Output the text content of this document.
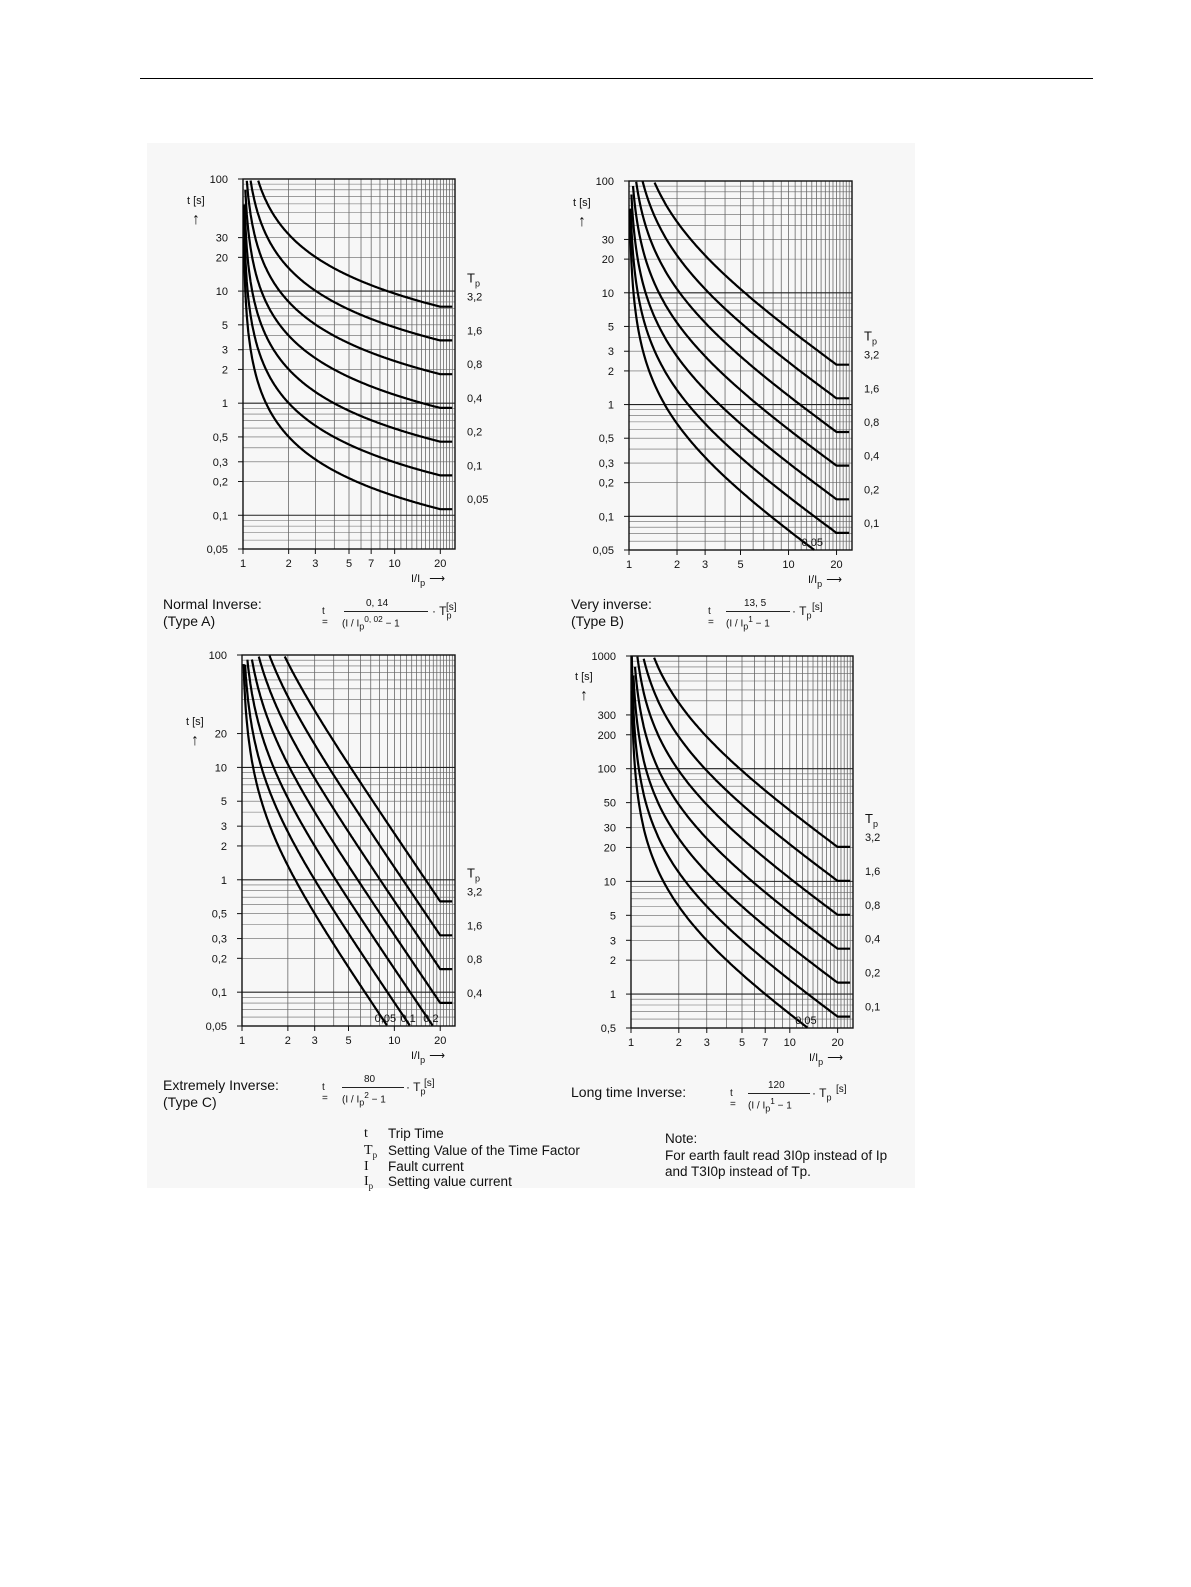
100
30
20
10
5
3
2
1
0,5
0,3
0,2
0,1
0,05
1	2 3	5 7 10	20
t [s]
↑
$I/I_p$ ⟶
3,2
1,6
0,8
0,4
0,2
0,1
0,05
$T_p$
100
30
20
10
5
3
2
1
0,5
0,3
0,2
0,1
0,05
1	2 3	5	10	20
t [s]
↑
$I/I_p$ ⟶
3,2
1,6
0,8
0,4
0,2
0,1
0,05
$T_p$
100
20
10
5
3
2
1
0,5
0,3
0,2
0,1
0,05
1	2 3	5	10	20
t [s]
↑
$I/I_p$ ⟶
3,2
1,6
0,8
0,4
0,2
0,1
0,05
$T_p$
1000
300
200
100
50
30
20
10
5
3
2
1
0,5
1	2 3	5 7 10	20
t [s]
↑
$I/I_p$ ⟶
3,2
1,6
0,8
0,4
0,2
0,1
0,05
$T_p$
Normal Inverse:
(Type A)
Very inverse:
(Type B)
Extremely Inverse:
(Type C)
Long time Inverse:
t =
0, 14
($I / I_p^{0, 02} - 1$
· $T_p$
[s]	t =
13, 5
($I / I_p^1 - 1$
· $T_p$
[s]
t =
80
($I / I_p^2 - 1$
· $T_p$
[s]
t =
120
($I / I_p^1 - 1$
· $T_p$
[s]
t	Trip Time
$T_p$ Setting Value of the Time Factor
I	Fault current
$I_p$	Setting value current
Note:
For earth fault read 3I0p instead of Ip
and T3I0p instead of Tp.
